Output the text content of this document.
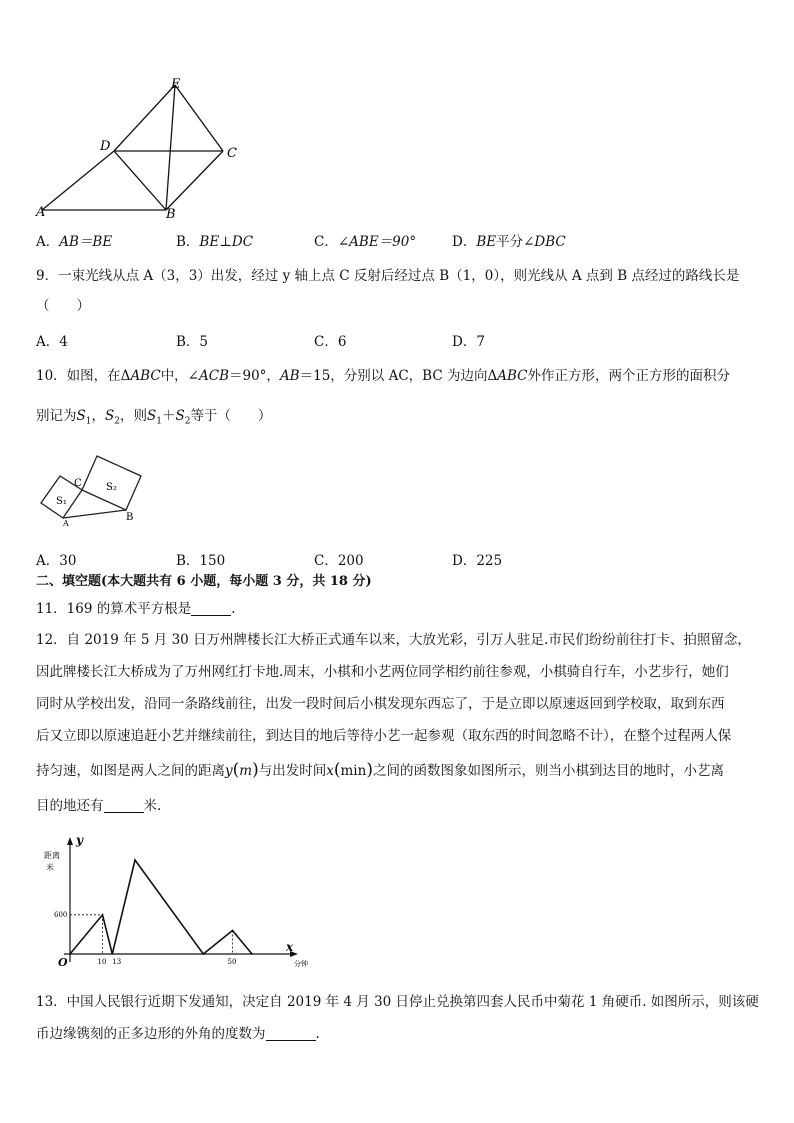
E
D	C
A	B
A．AB＝BE	B．BE⊥DC	C．∠ABE＝90°	D．BE平分∠DBC
9．一束光线从点 A（3，3）出发，经过 y 轴上点 C 反射后经过点 B（1，0），则光线从 A 点到 B 点经过的路线长是
（　　）
A．4	B．5	C．6	D．7
10．如图，在ΔABC中，∠ACB＝90°，AB＝15，分别以 AC，BC 为边向ΔABC外作正方形，两个正方形的面积分
别记为$S_1$，$S_2$，则$S_1+S_2$等于（　　）
C
S₁
S₂
A
B
A．30	B．150	C．200	D．225
二、填空题(本大题共有 6 小题，每小题 3 分，共 18 分)
11．169 的算术平方根是	.
12．自 2019 年 5 月 30 日万州牌楼长江大桥正式通车以来，大放光彩，引万人驻足.市民们纷纷前往打卡、拍照留念，
因此牌楼长江大桥成为了万州网红打卡地.周末，小棋和小艺两位同学相约前往参观，小棋骑自行车，小艺步行，她们
同时从学校出发，沿同一条路线前往，出发一段时间后小棋发现东西忘了，于是立即以原速返回到学校取，取到东西
后又立即以原速追赶小艺并继续前往，到达目的地后等待小艺一起参观（取东西的时间忽略不计），在整个过程两人保
持匀速，如图是两人之间的距离y(m)与出发时间x(min)之间的函数图象如图所示，则当小棋到达目的地时，小艺离
目的地还有	米.
y
距离
米
x
分钟
O	10 13	50
600
13．中国人民银行近期下发通知，决定自 2019 年 4 月 30 日停止兑换第四套人民币中菊花 1 角硬币. 如图所示，则该硬
币边缘镌刻的正多边形的外角的度数为	.
